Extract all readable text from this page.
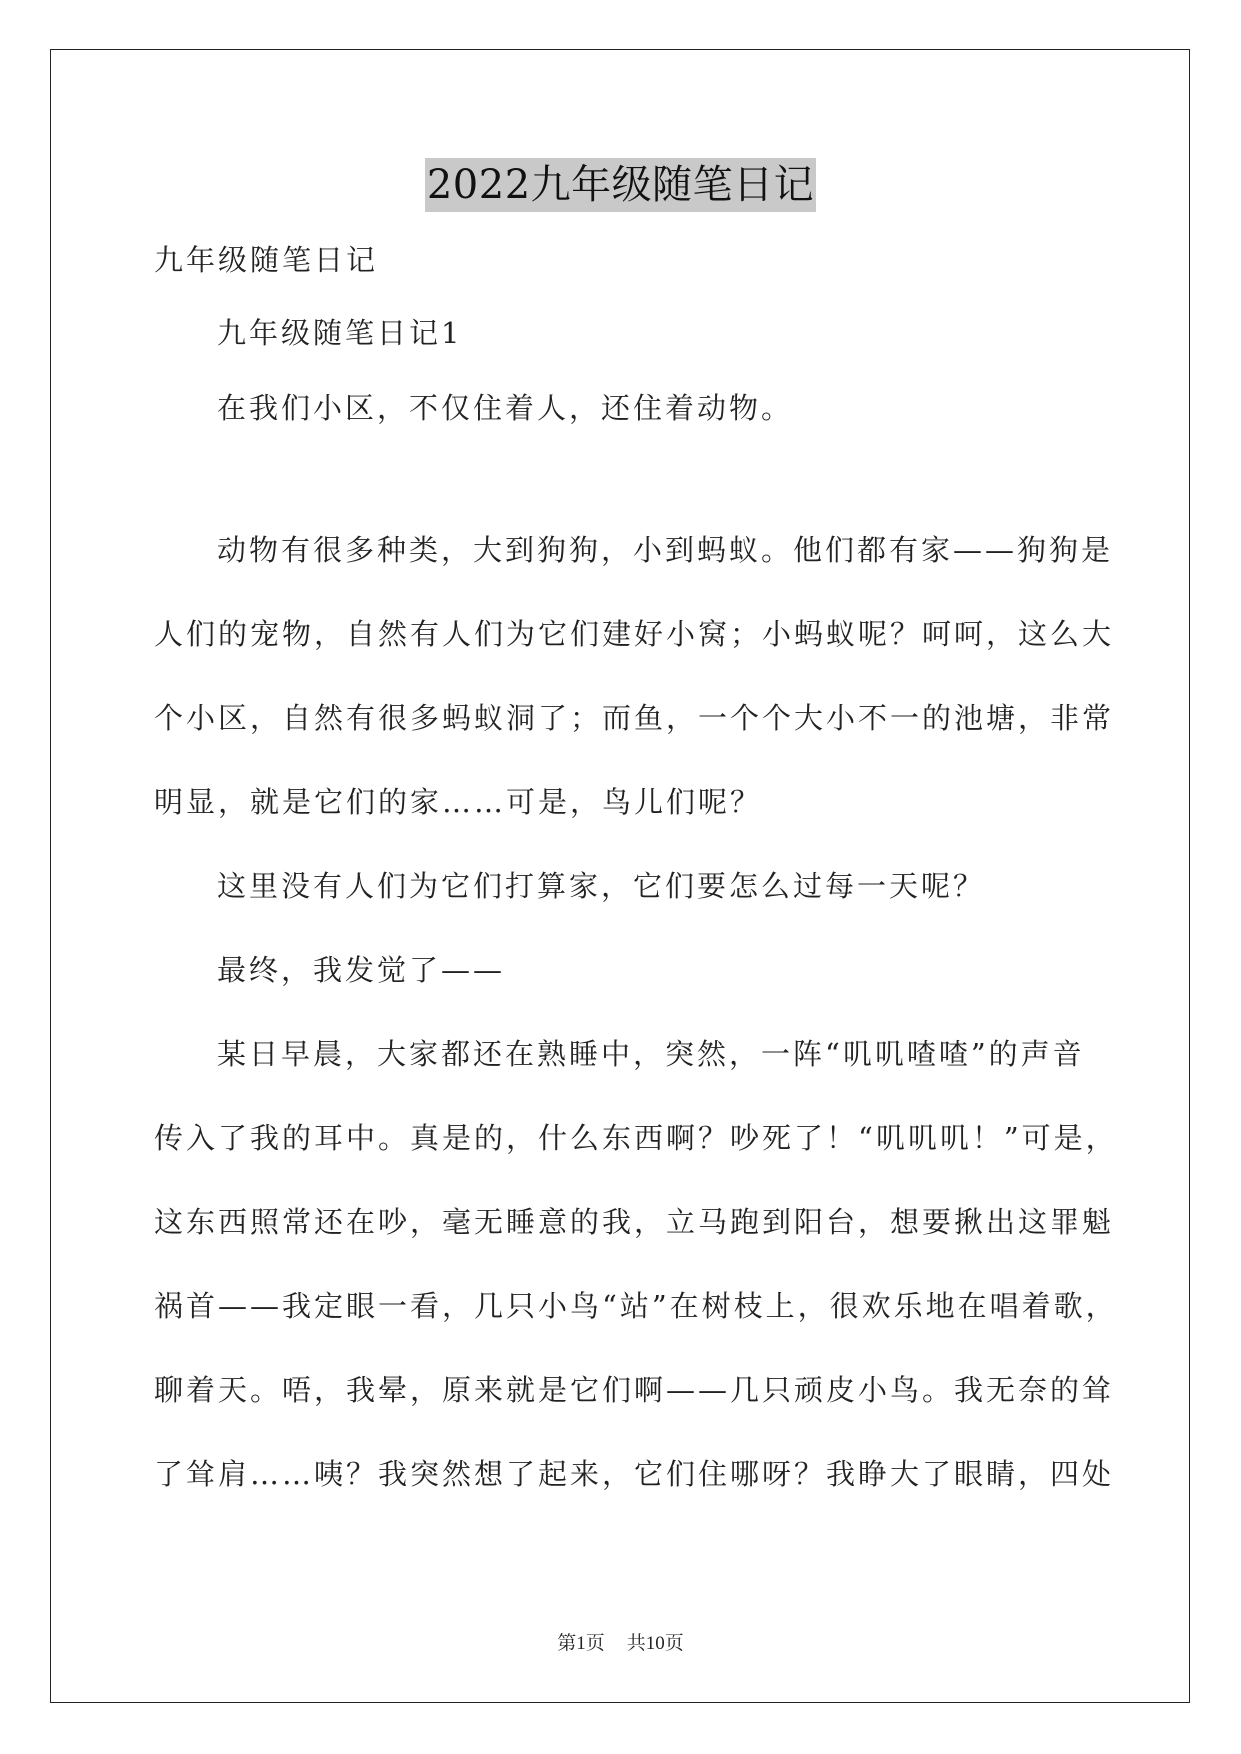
2022九年级随笔日记
九年级随笔日记
九年级随笔日记1
在我们小区，不仅住着人，还住着动物。
动物有很多种类，大到狗狗，小到蚂蚁。他们都有家——狗狗是
人们的宠物，自然有人们为它们建好小窝；小蚂蚁呢？呵呵，这么大
个小区，自然有很多蚂蚁洞了；而鱼，一个个大小不一的池塘，非常
明显，就是它们的家……可是，鸟儿们呢？
这里没有人们为它们打算家，它们要怎么过每一天呢？
最终，我发觉了——
某日早晨，大家都还在熟睡中，突然，一阵“叽叽喳喳”的声音
传入了我的耳中。真是的，什么东西啊？吵死了！“叽叽叽！”可是，
这东西照常还在吵，毫无睡意的我，立马跑到阳台，想要揪出这罪魁
祸首——我定眼一看，几只小鸟“站”在树枝上，很欢乐地在唱着歌，
聊着天。唔，我晕，原来就是它们啊——几只顽皮小鸟。我无奈的耸
了耸肩……咦？我突然想了起来，它们住哪呀？我睁大了眼睛，四处
第1页 共10页
